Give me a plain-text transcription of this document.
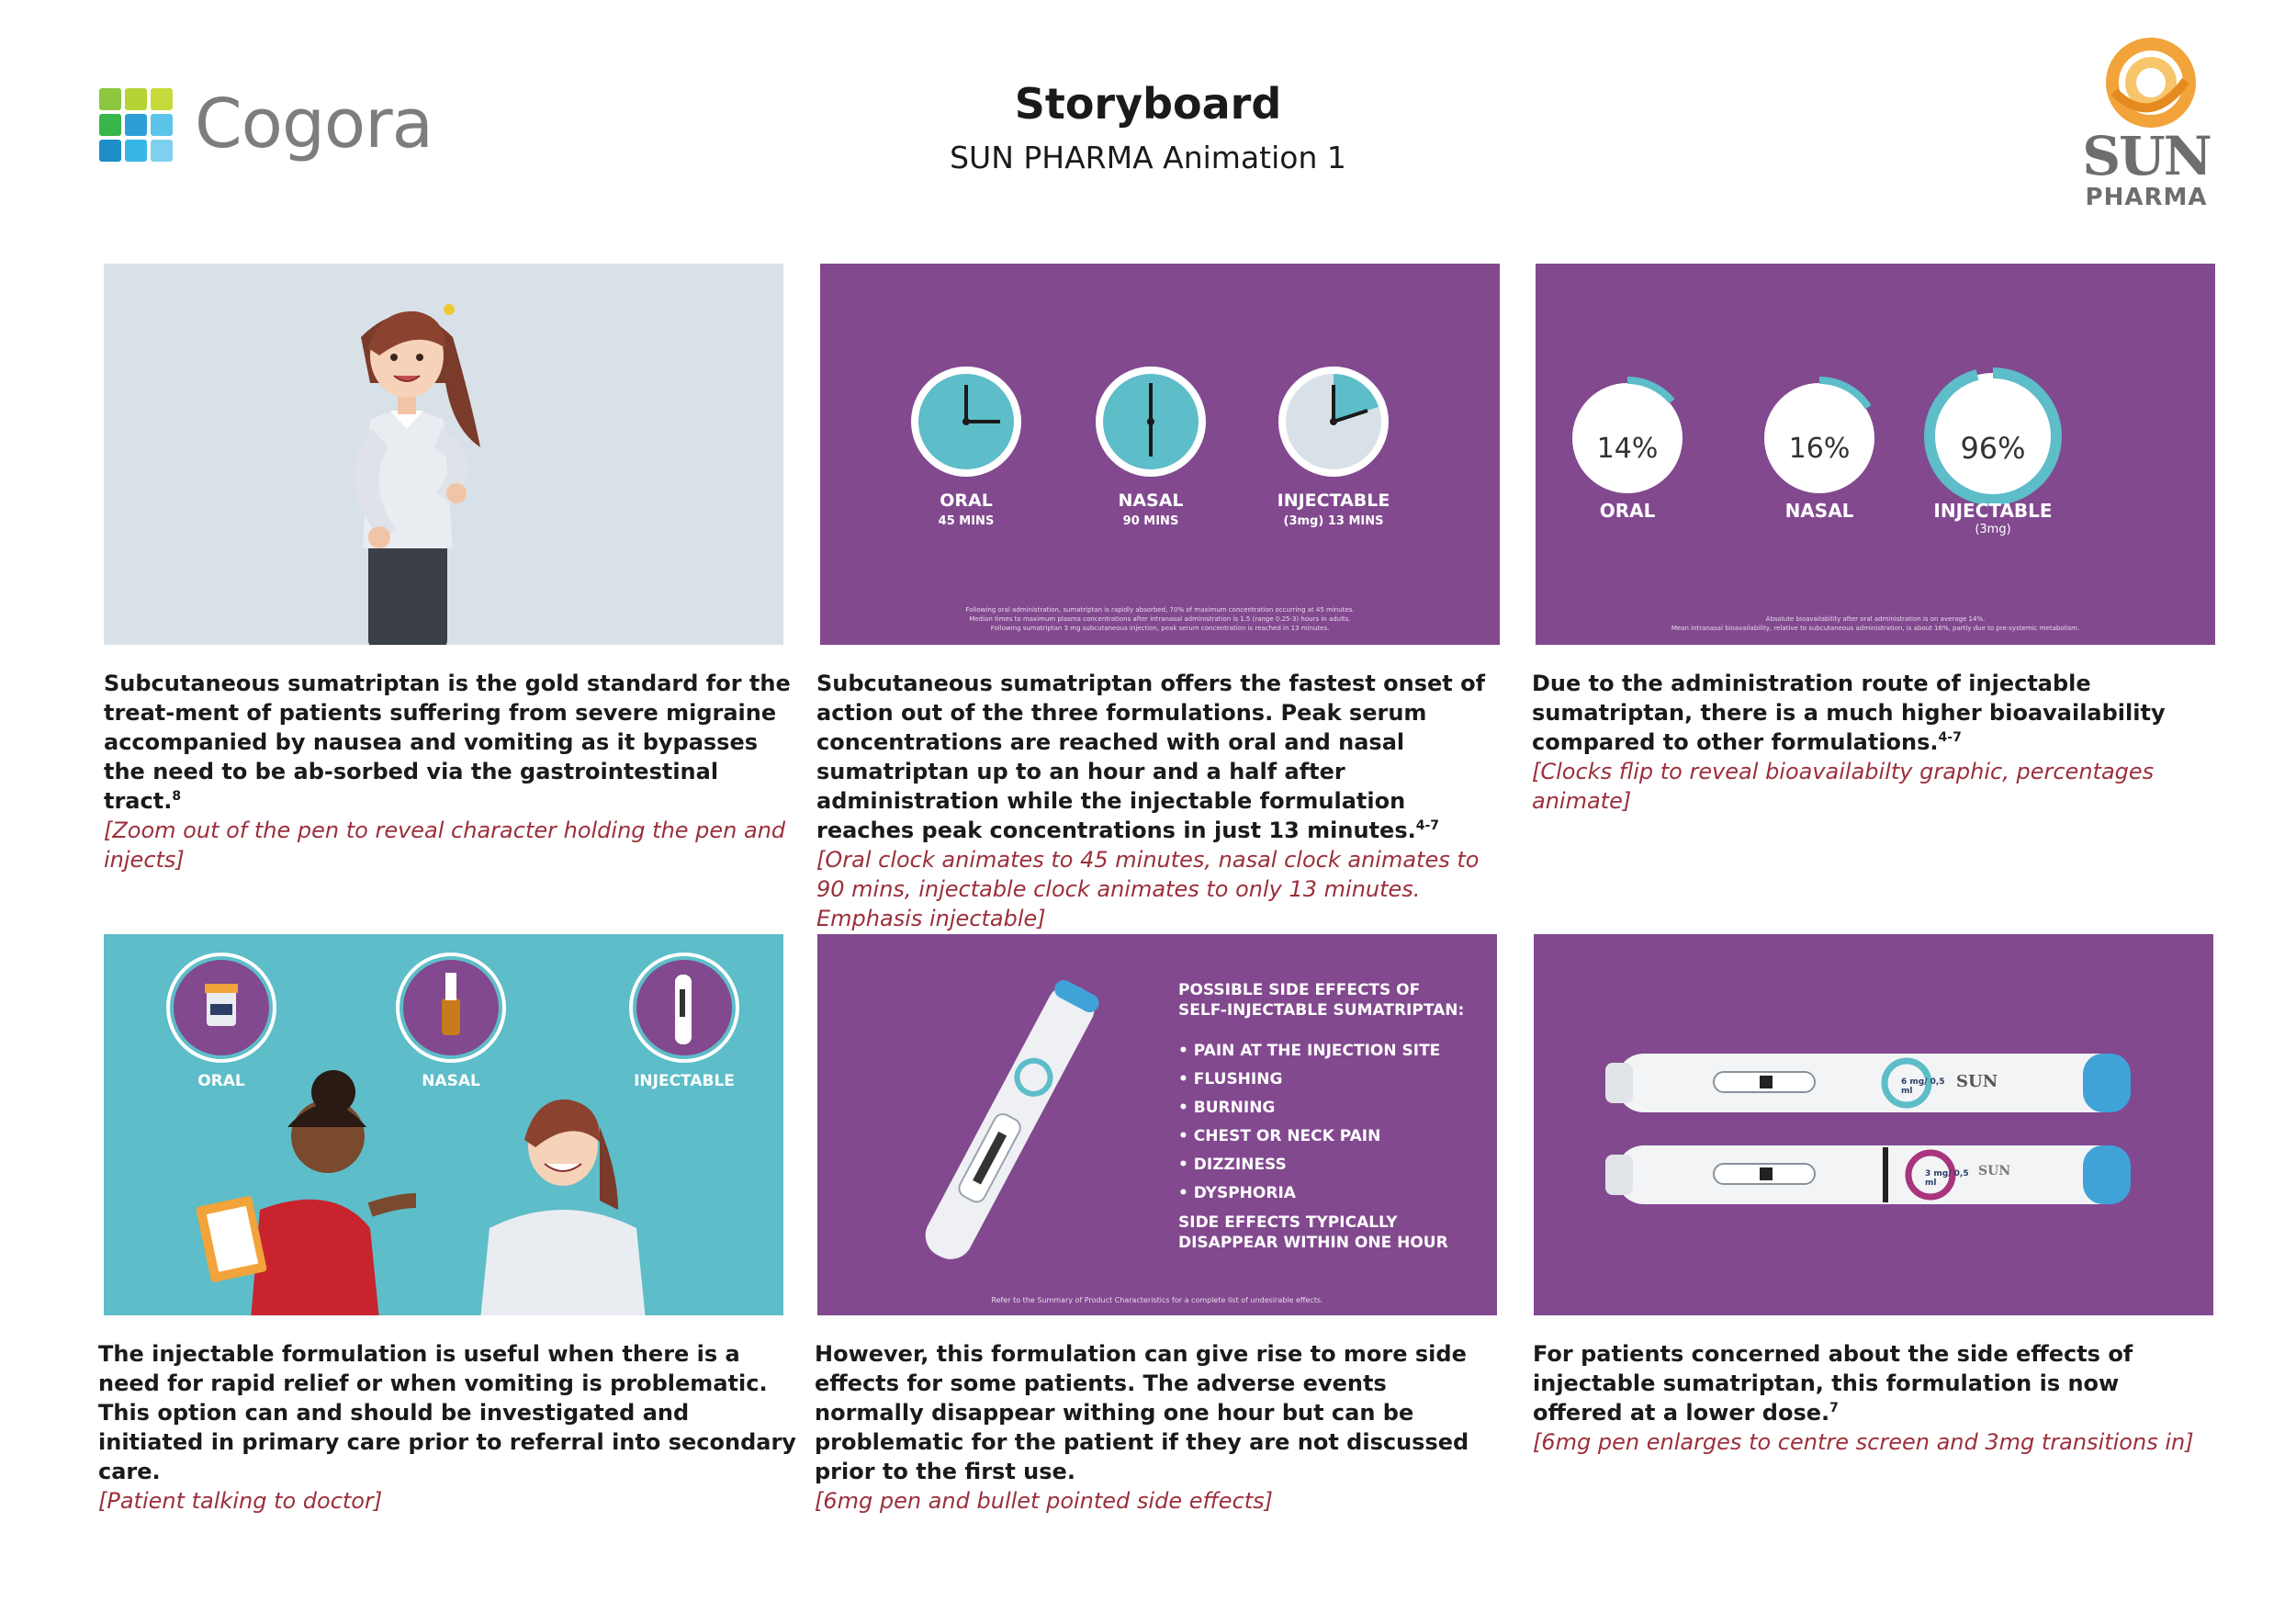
Cogora	Storyboard
SUN PHARMA Animation 1	SUN
PHARMA
Subcutaneous sumatriptan is the gold standard for the treat-ment of patients suffering from severe migraine accompanied by nausea and vomiting as it bypasses the need to be ab-sorbed via the gastrointestinal tract.$^8$
[Zoom out of the pen to reveal character holding the pen and injects]
ORAL
45 MINS
NASAL
90 MINS
INJECTABLE
(3mg) 13 MINS
Following oral administration, sumatriptan is rapidly absorbed, 70% of maximum concentration occurring at 45 minutes.
Median times to maximum plasma concentrations after intranasal administration is 1.5 (range 0.25-3) hours in adults.
Following sumatriptan 3 mg subcutaneous injection, peak serum concentration is reached in 13 minutes.
Subcutaneous sumatriptan offers the fastest onset of action out of the three formulations. Peak serum concentrations are reached with oral and nasal sumatriptan up to an hour and a half after administration while the injectable formulation reaches peak concentrations in just 13 minutes.$^{4-7}$
[Oral clock animates to 45 minutes, nasal clock animates to 90 mins, injectable clock animates to only 13 minutes. Emphasis injectable]
14%	16%	96%
ORAL	NASAL	INJECTABLE
(3mg)
Absolute bioavailability after oral administration is on average 14%.
Mean intranasal bioavailability, relative to subcutaneous administration, is about 16%, partly due to pre-systemic metabolism.
Due to the administration route of injectable sumatriptan, there is a much higher bioavailability compared to other formulations.$^{4-7}$
[Clocks flip to reveal bioavailabilty graphic, percentages animate]
ORAL	NASAL	INJECTABLE
The injectable formulation is useful when there is a need for rapid relief or when vomiting is problematic. This option can and should be investigated and initiated in primary care prior to referral into secondary care.
[Patient talking to doctor]
POSSIBLE SIDE EFFECTS OF
SELF-INJECTABLE SUMATRIPTAN:
• PAIN AT THE INJECTION SITE
• FLUSHING
• BURNING
• CHEST OR NECK PAIN
• DIZZINESS
• DYSPHORIA
SIDE EFFECTS TYPICALLY
DISAPPEAR WITHIN ONE HOUR
Refer to the Summary of Product Characteristics for a complete list of undesirable effects.
However, this formulation can give rise to more side effects for some patients. The adverse events normally disappear withing one hour but can be problematic for the patient if they are not discussed prior to the first use.
[6mg pen and bullet pointed side effects]
6 mg/ 0,5 ml
3 mg/ 0,5 ml
SUN
SUN
For patients concerned about the side effects of injectable sumatriptan, this formulation is now offered at a lower dose.$^7$
[6mg pen enlarges to centre screen and 3mg transitions in]
